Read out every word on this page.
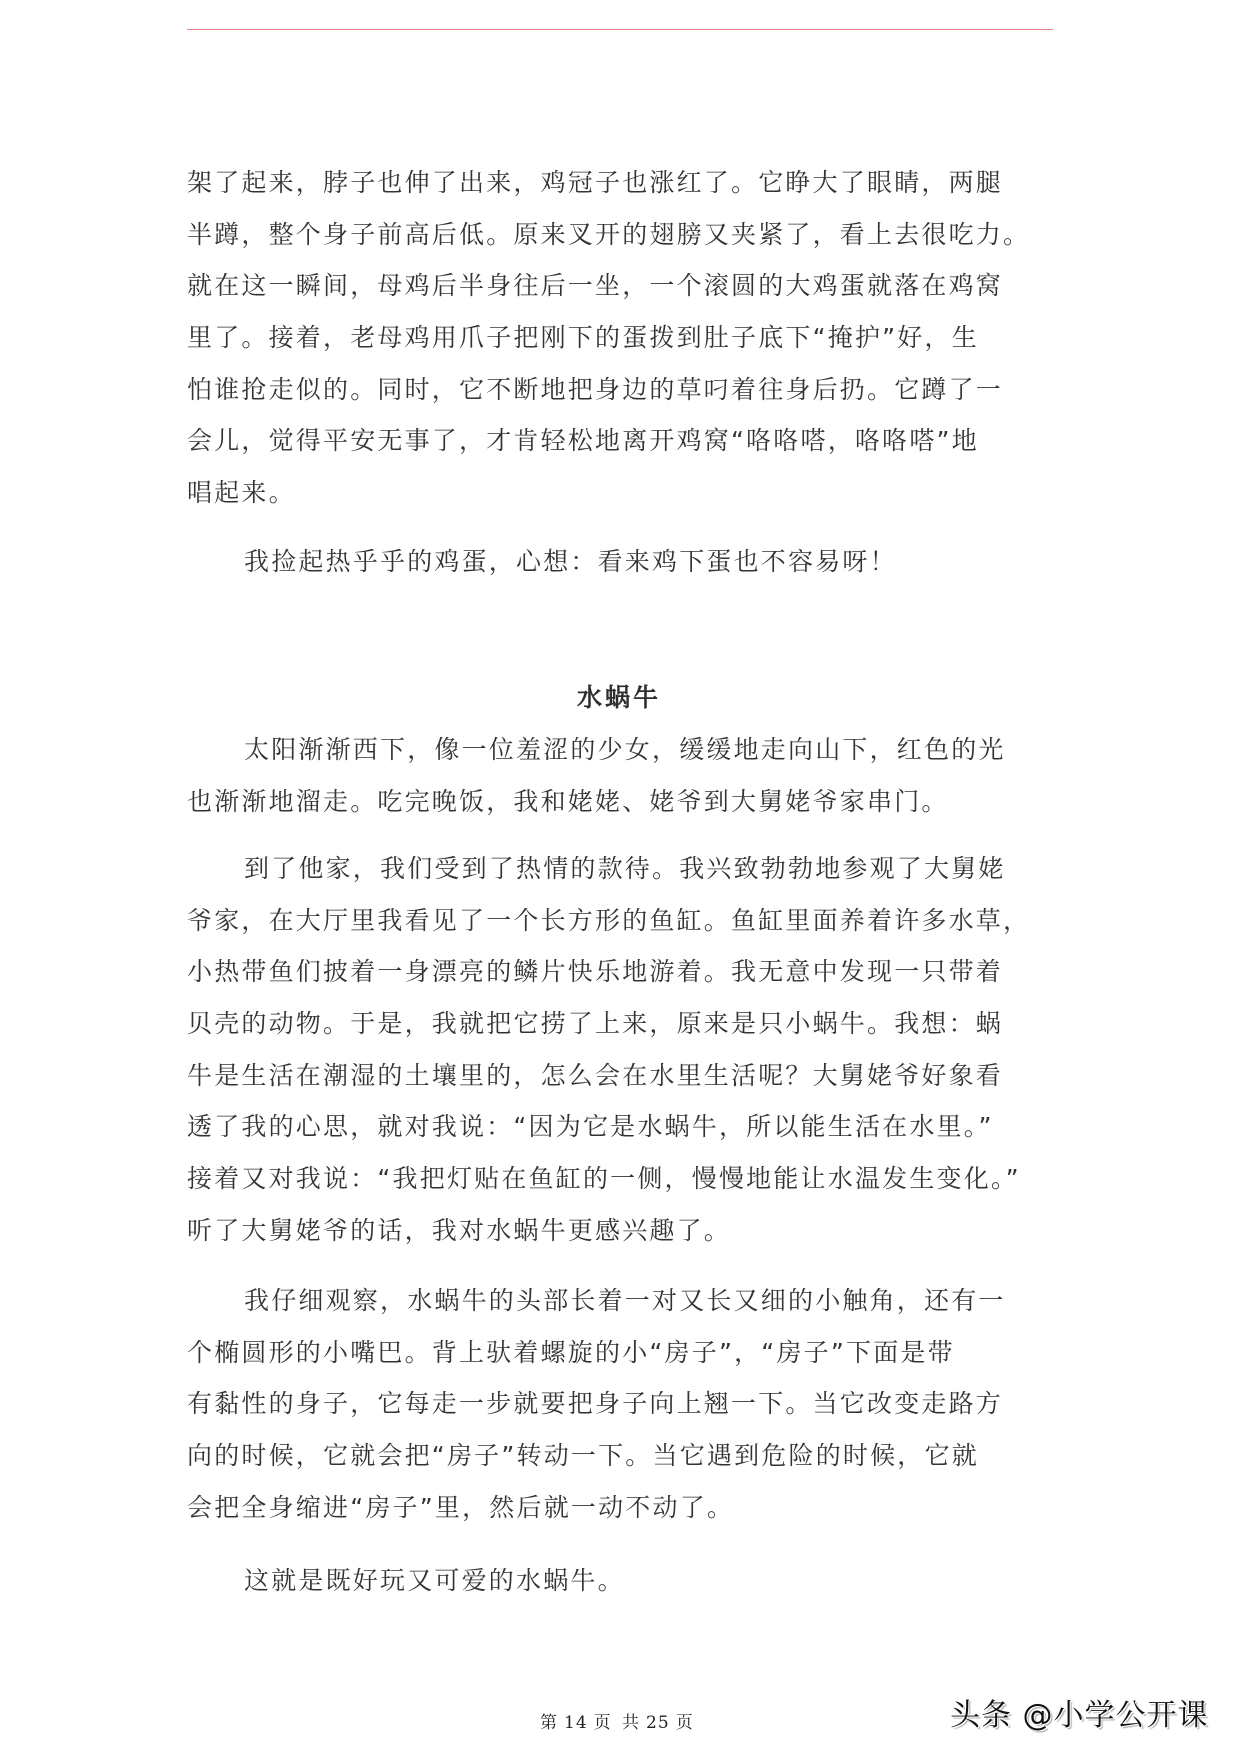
架了起来，脖子也伸了出来，鸡冠子也涨红了。它睁大了眼睛，两腿
半蹲，整个身子前高后低。原来叉开的翅膀又夹紧了，看上去很吃力。
就在这一瞬间，母鸡后半身往后一坐，一个滚圆的大鸡蛋就落在鸡窝
里了。接着，老母鸡用爪子把刚下的蛋拨到肚子底下“掩护”好，生
怕谁抢走似的。同时，它不断地把身边的草叼着往身后扔。它蹲了一
会儿，觉得平安无事了，才肯轻松地离开鸡窝“咯咯嗒，咯咯嗒”地
唱起来。
我捡起热乎乎的鸡蛋，心想：看来鸡下蛋也不容易呀！
水蜗牛
太阳渐渐西下，像一位羞涩的少女，缓缓地走向山下，红色的光
也渐渐地溜走。吃完晚饭，我和姥姥、姥爷到大舅姥爷家串门。
到了他家，我们受到了热情的款待。我兴致勃勃地参观了大舅姥
爷家，在大厅里我看见了一个长方形的鱼缸。鱼缸里面养着许多水草，
小热带鱼们披着一身漂亮的鳞片快乐地游着。我无意中发现一只带着
贝壳的动物。于是，我就把它捞了上来，原来是只小蜗牛。我想：蜗
牛是生活在潮湿的土壤里的，怎么会在水里生活呢？大舅姥爷好象看
透了我的心思，就对我说：“因为它是水蜗牛，所以能生活在水里。”
接着又对我说：“我把灯贴在鱼缸的一侧，慢慢地能让水温发生变化。”
听了大舅姥爷的话，我对水蜗牛更感兴趣了。
我仔细观察，水蜗牛的头部长着一对又长又细的小触角，还有一
个椭圆形的小嘴巴。背上驮着螺旋的小“房子”，“房子”下面是带
有黏性的身子，它每走一步就要把身子向上翘一下。当它改变走路方
向的时候，它就会把“房子”转动一下。当它遇到危险的时候，它就
会把全身缩进“房子”里，然后就一动不动了。
这就是既好玩又可爱的水蜗牛。
第 14 页 共 25 页	头条 @小学公开课
